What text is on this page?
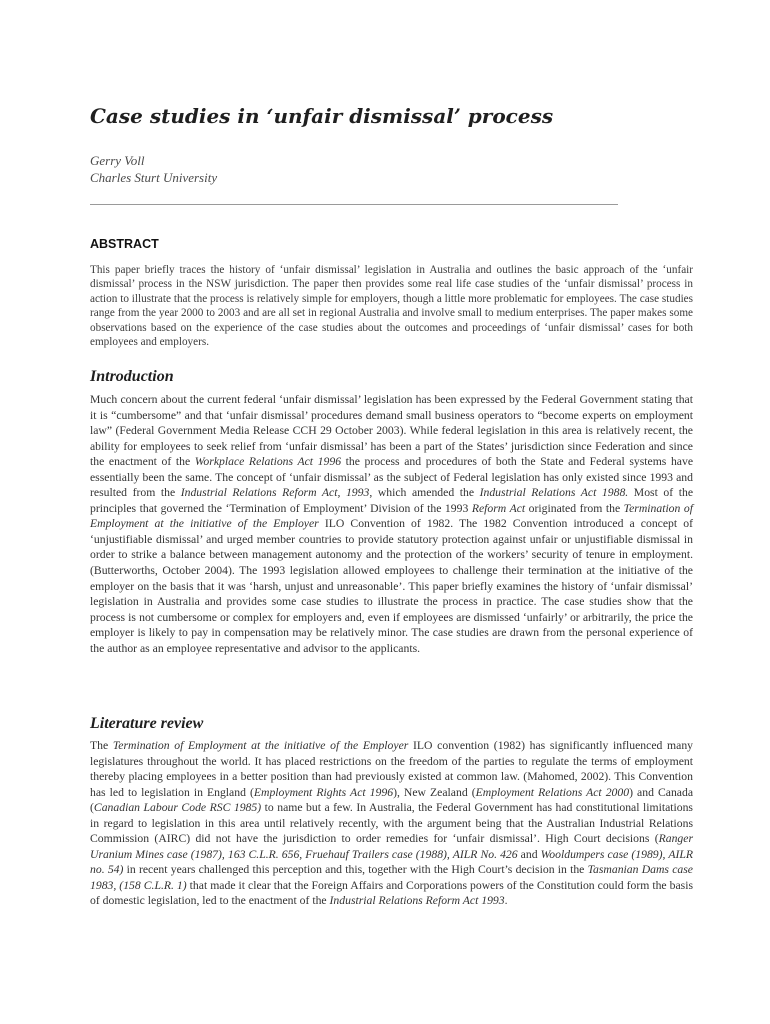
Case studies in ‘unfair dismissal’ process
Gerry Voll
Charles Sturt University
ABSTRACT

This paper briefly traces the history of ‘unfair dismissal’ legislation in Australia and outlines the basic approach of the ‘unfair dismissal’ process in the NSW jurisdiction. The paper then provides some real life case studies of the ‘unfair dismissal’ process in action to illustrate that the process is relatively simple for employers, though a little more problematic for employees. The case studies range from the year 2000 to 2003 and are all set in regional Australia and involve small to medium enterprises. The paper makes some observations based on the experience of the case studies about the outcomes and proceedings of ‘unfair dismissal’ cases for both employees and employers.

Introduction

Much concern about the current federal ‘unfair dismissal’ legislation has been expressed by the Federal Government stating that it is “cumbersome” and that ‘unfair dismissal’ procedures demand small business operators to “become experts on employment law” (Federal Government Media Release CCH 29 October 2003). While federal legislation in this area is relatively recent, the ability for employees to seek relief from ‘unfair dismissal’ has been a part of the States’ jurisdiction since Federation and since the enactment of the Workplace Relations Act 1996 the process and procedures of both the State and Federal systems have essentially been the same. The concept of ‘unfair dismissal’ as the subject of Federal legislation has only existed since 1993 and resulted from the Industrial Relations Reform Act, 1993, which amended the Industrial Relations Act 1988. Most of the principles that governed the ‘Termination of Employment’ Division of the 1993 Reform Act originated from the Termination of Employment at the initiative of the Employer ILO Convention of 1982. The 1982 Convention introduced a concept of ‘unjustifiable dismissal’ and urged member countries to provide statutory protection against unfair or unjustifiable dismissal in order to strike a balance between management autonomy and the protection of the workers’ security of tenure in employment. (Butterworths, October 2004). The 1993 legislation allowed employees to challenge their termination at the initiative of the employer on the basis that it was ‘harsh, unjust and unreasonable’. This paper briefly examines the history of ‘unfair dismissal’ legislation in Australia and provides some case studies to illustrate the process in practice. The case studies show that the process is not cumbersome or complex for employers and, even if employees are dismissed ‘unfairly’ or arbitrarily, the price the employer is likely to pay in compensation may be relatively minor. The case studies are drawn from the personal experience of the author as an employee representative and advisor to the applicants.

Literature review

The Termination of Employment at the initiative of the Employer ILO convention (1982) has significantly influenced many legislatures throughout the world. It has placed restrictions on the freedom of the parties to regulate the terms of employment thereby placing employees in a better position than had previously existed at common law. (Mahomed, 2002). This Convention has led to legislation in England (Employment Rights Act 1996), New Zealand (Employment Relations Act 2000) and Canada (Canadian Labour Code RSC 1985) to name but a few. In Australia, the Federal Government has had constitutional limitations in regard to legislation in this area until relatively recently, with the argument being that the Australian Industrial Relations Commission (AIRC) did not have the jurisdiction to order remedies for ‘unfair dismissal’. High Court decisions (Ranger Uranium Mines case (1987), 163 C.L.R. 656, Fruehauf Trailers case (1988), AILR No. 426 and Wooldumpers case (1989), AILR no. 54) in recent years challenged this perception and this, together with the High Court’s decision in the Tasmanian Dams case 1983, (158 C.L.R. 1) that made it clear that the Foreign Affairs and Corporations powers of the Constitution could form the basis of domestic legislation, led to the enactment of the Industrial Relations Reform Act 1993.
